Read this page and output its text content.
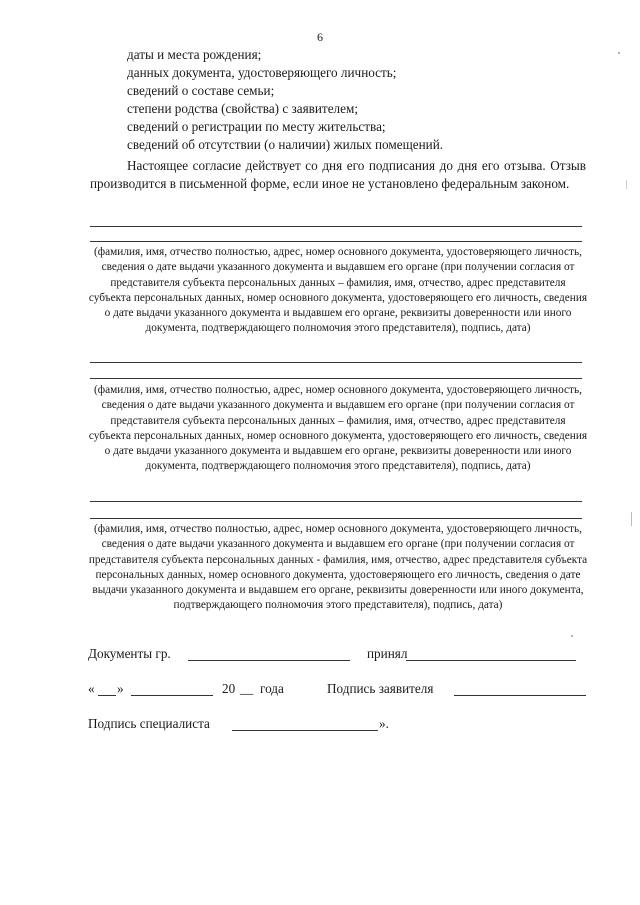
6
даты и места рождения;
данных документа, удостоверяющего личность;
сведений о составе семьи;
степени родства (свойства) с заявителем;
сведений о регистрации по месту жительства;
сведений об отсутствии (о наличии) жилых помещений.
Настоящее согласие действует со дня его подписания до дня его отзыва. Отзыв производится в письменной форме, если иное не установлено федеральным законом.
(фамилия, имя, отчество полностью, адрес, номер основного документа, удостоверяющего личность, сведения о дате выдачи указанного документа и выдавшем его органе (при получении согласия от представителя субъекта персональных данных – фамилия, имя, отчество, адрес представителя субъекта персональных данных, номер основного документа, удостоверяющего его личность, сведения о дате выдачи указанного документа и выдавшем его органе, реквизиты доверенности или иного документа, подтверждающего полномочия этого представителя), подпись, дата)
(фамилия, имя, отчество полностью, адрес, номер основного документа, удостоверяющего личность, сведения о дате выдачи указанного документа и выдавшем его органе (при получении согласия от представителя субъекта персональных данных – фамилия, имя, отчество, адрес представителя субъекта персональных данных, номер основного документа, удостоверяющего его личность, сведения о дате выдачи указанного документа и выдавшем его органе, реквизиты доверенности или иного документа, подтверждающего полномочия этого представителя), подпись, дата)
(фамилия, имя, отчество полностью, адрес, номер основного документа, удостоверяющего личность, сведения о дате выдачи указанного документа и выдавшем его органе (при получении согласия от представителя субъекта персональных данных - фамилия, имя, отчество, адрес представителя субъекта персональных данных, номер основного документа, удостоверяющего его личность, сведения о дате выдачи указанного документа и выдавшем его органе, реквизиты доверенности или иного документа, подтверждающего полномочия этого представителя), подпись, дата)
Документы гр.	принял
« »	20 __ года	Подпись заявителя
Подпись специалиста	».
